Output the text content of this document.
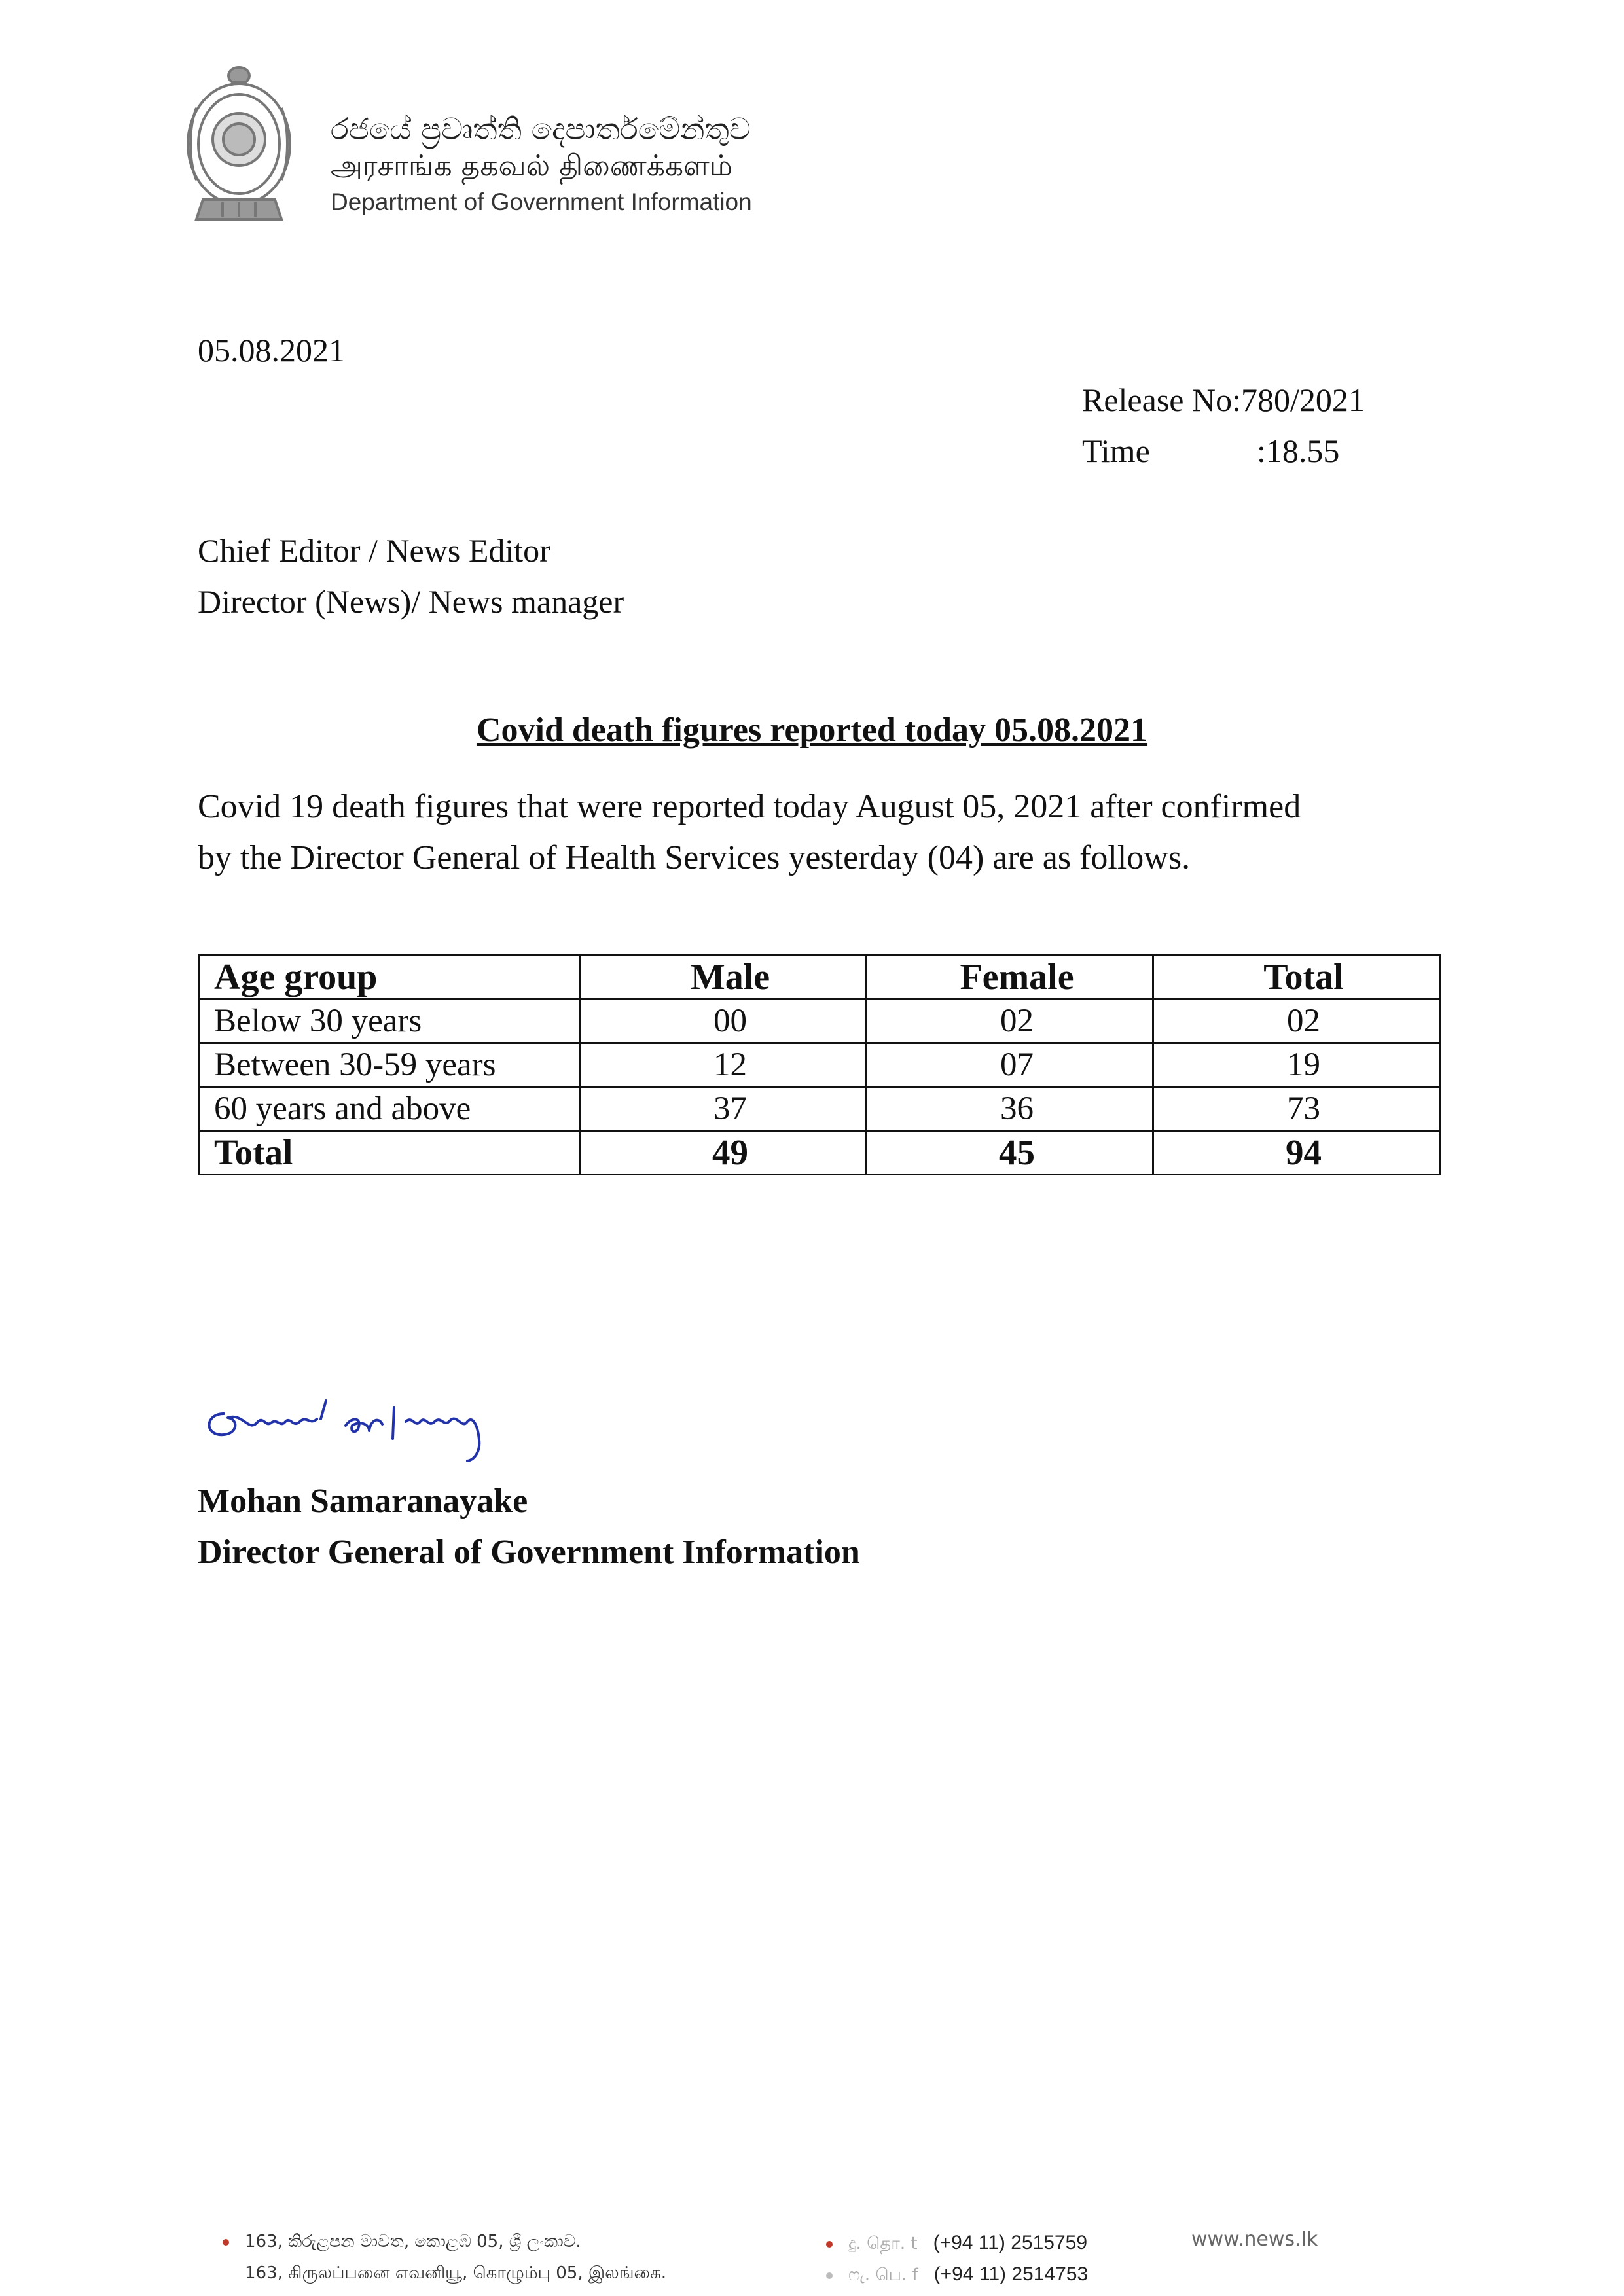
රජයේ ප්‍රවෘත්ති දෙපාර්තමේන්තුව
அரசாங்க தகவல் திணைக்களம்
Department of Government Information
05.08.2021
Release No:780/2021
Time	:18.55
Chief Editor / News Editor
Director (News)/ News manager
Covid death figures reported today 05.08.2021
Covid 19 death figures that were reported today August 05, 2021 after confirmed
by the Director General of Health Services yesterday (04) are as follows.
Age group	Male	Female	Total
Below 30 years	00	02	02
Between 30-59 years	12	07	19
60 years and above	37	36	73
Total	49	45	94
Mohan Samaranayake
Director General of Government Information
163, කිරුළපන මාවත, කොළඹ 05, ශ්‍රී ලංකාව.
163, கிருலப்பனை எவனியூ, கொழும்பு 05, இலங்கை.
දු. தொ. t (+94 11) 2515759
ෆැ. பெ. f (+94 11) 2514753
www.news.lk
